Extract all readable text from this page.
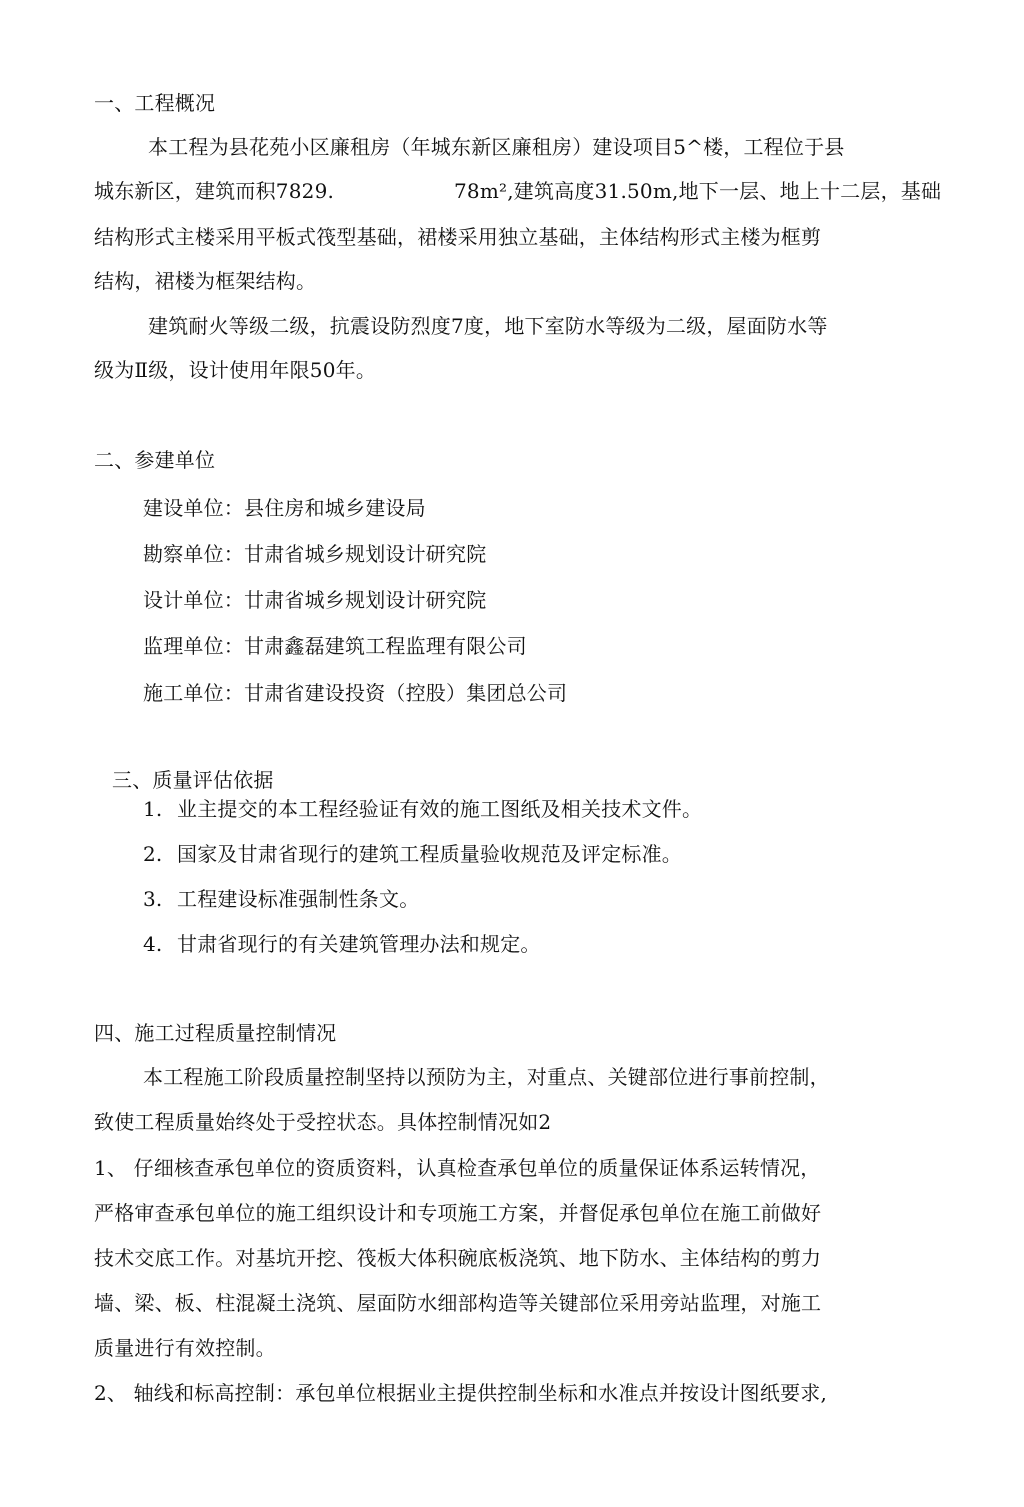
一、工程概况
本工程为县花苑小区廉租房（年城东新区廉租房）建设项目5^楼，工程位于县
城东新区，建筑而积7829.	78m²,建筑高度31.50m,地下一层、地上十二层，基础
结构形式主楼采用平板式筏型基础，裙楼采用独立基础，主体结构形式主楼为框剪
结构，裙楼为框架结构。
建筑耐火等级二级，抗震设防烈度7度，地下室防水等级为二级，屋面防水等
级为Ⅱ级，设计使用年限50年。
二、参建单位
建设单位：县住房和城乡建设局
勘察单位：甘肃省城乡规划设计研究院
设计单位：廿肃省城乡规划设计研究院
监理单位：甘肃鑫磊建筑工程监理有限公司
施工单位：甘肃省建设投资（控股）集团总公司
三、质量评估依据
1. 业主提交的本工程经验证有效的施工图纸及相关技术文件。
2. 国家及甘肃省现行的建筑工程质量验收规范及评定标准。
3. 工程建设标准强制性条文。
4. 甘肃省现行的有关建筑管理办法和规定。
四、施工过程质量控制情况
本工程施工阶段质量控制坚持以预防为主，对重点、关键部位进行事前控制，
致使工程质量始终处于受控状态。具体控制情况如2
1、 仔细核查承包单位的资质资料，认真检查承包单位的质量保证体系运转情况，
严格审查承包单位的施工组织设计和专项施工方案，并督促承包单位在施工前做好
技术交底工作。对基坑开挖、筏板大体积碗底板浇筑、地下防水、主体结构的剪力
墙、梁、板、柱混凝土浇筑、屋面防水细部构造等关键部位采用旁站监理，对施工
质量进行有效控制。
2、 轴线和标高控制：承包单位根据业主提供控制坐标和水准点并按设计图纸要求,
